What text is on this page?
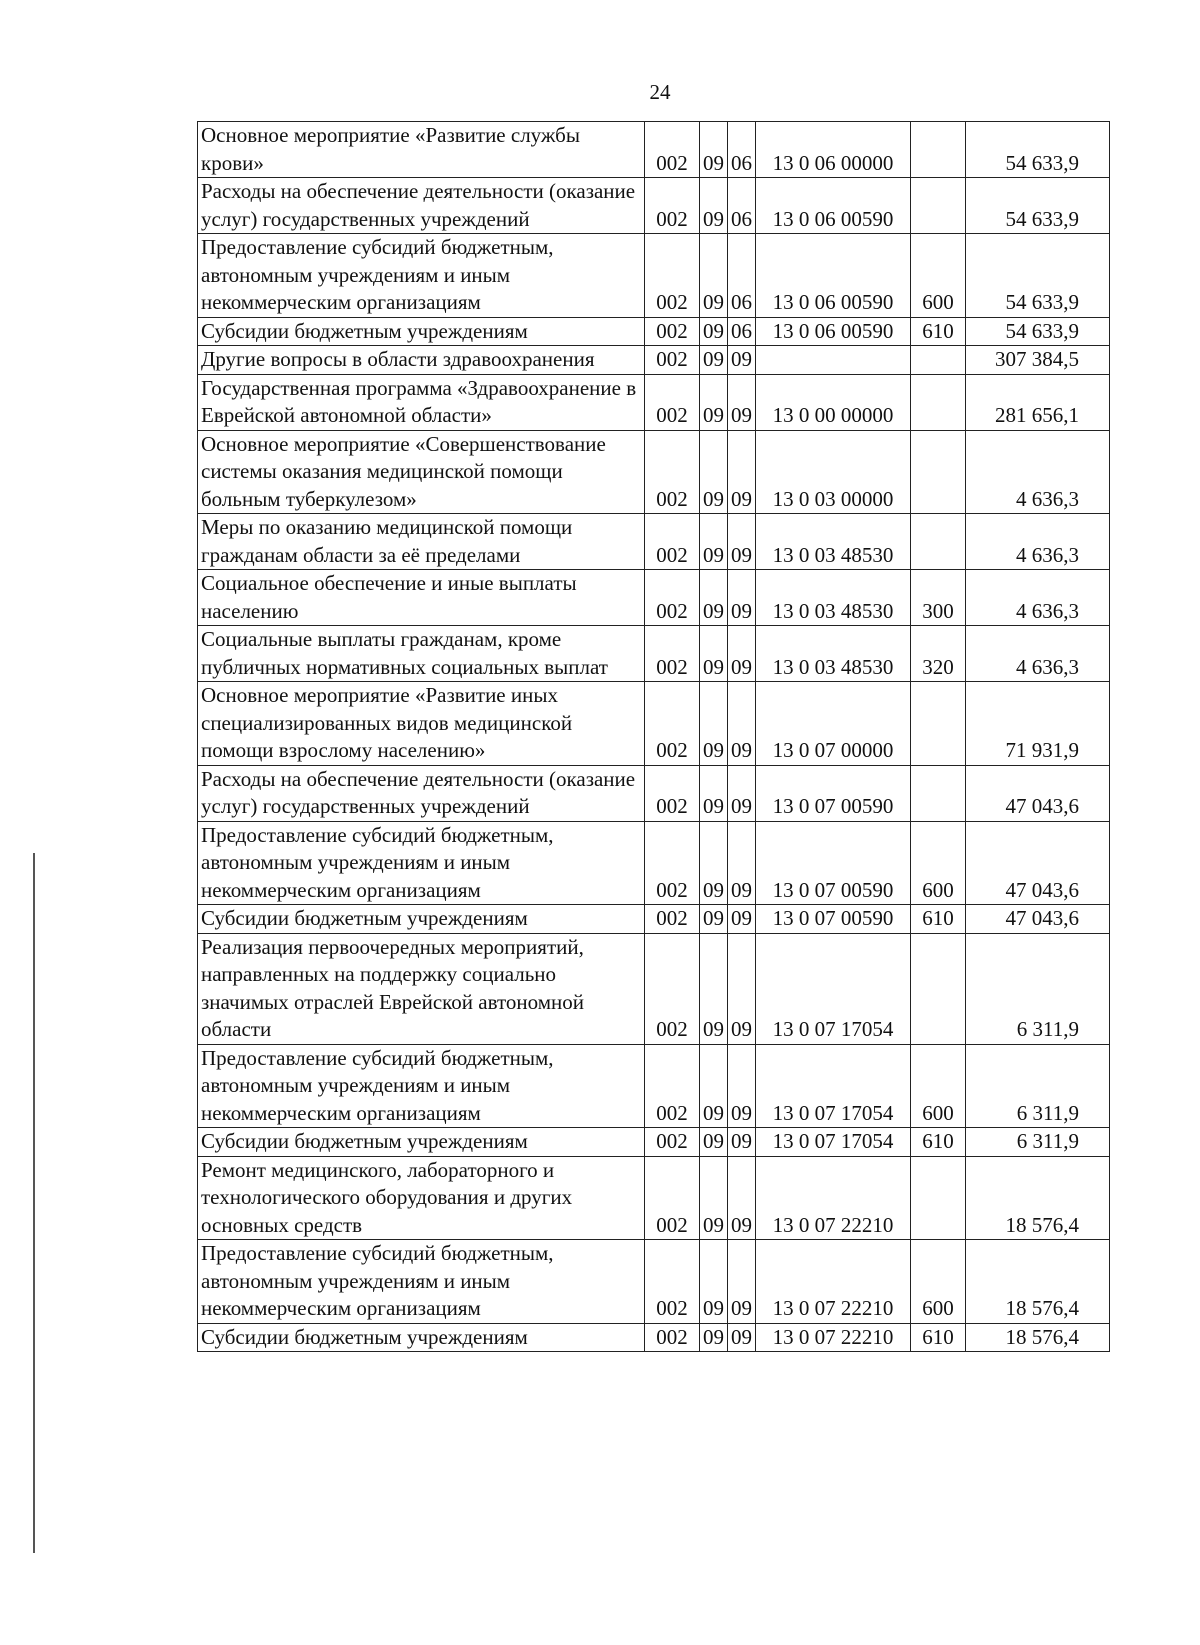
24
Основное мероприятие «Развитие службы крови»	002	09	06	13 0 06 00000		54 633,9
Расходы на обеспечение деятельности (оказание услуг) государственных учреждений	002	09	06	13 0 06 00590		54 633,9
Предоставление субсидий бюджетным, автономным учреждениям и иным некоммерческим организациям	002	09	06	13 0 06 00590	600	54 633,9
Субсидии бюджетным учреждениям	002	09	06	13 0 06 00590	610	54 633,9
Другие вопросы в области здравоохранения	002	09	09			307 384,5
Государственная программа «Здравоохранение в Еврейской автономной области»	002	09	09	13 0 00 00000		281 656,1
Основное мероприятие «Совершенствование системы оказания медицинской помощи больным туберкулезом»	002	09	09	13 0 03 00000		4 636,3
Меры по оказанию медицинской помощи гражданам области за её пределами	002	09	09	13 0 03 48530		4 636,3
Социальное обеспечение и иные выплаты населению	002	09	09	13 0 03 48530	300	4 636,3
Социальные выплаты гражданам, кроме публичных нормативных социальных выплат	002	09	09	13 0 03 48530	320	4 636,3
Основное мероприятие «Развитие иных специализированных видов медицинской помощи взрослому населению»	002	09	09	13 0 07 00000		71 931,9
Расходы на обеспечение деятельности (оказание услуг) государственных учреждений	002	09	09	13 0 07 00590		47 043,6
Предоставление субсидий бюджетным, автономным учреждениям и иным некоммерческим организациям	002	09	09	13 0 07 00590	600	47 043,6
Субсидии бюджетным учреждениям	002	09	09	13 0 07 00590	610	47 043,6
Реализация первоочередных мероприятий, направленных на поддержку социально значимых отраслей Еврейской автономной области	002	09	09	13 0 07 17054		6 311,9
Предоставление субсидий бюджетным, автономным учреждениям и иным некоммерческим организациям	002	09	09	13 0 07 17054	600	6 311,9
Субсидии бюджетным учреждениям	002	09	09	13 0 07 17054	610	6 311,9
Ремонт медицинского, лабораторного и технологического оборудования и других основных средств	002	09	09	13 0 07 22210		18 576,4
Предоставление субсидий бюджетным, автономным учреждениям и иным некоммерческим организациям	002	09	09	13 0 07 22210	600	18 576,4
Субсидии бюджетным учреждениям	002	09	09	13 0 07 22210	610	18 576,4
